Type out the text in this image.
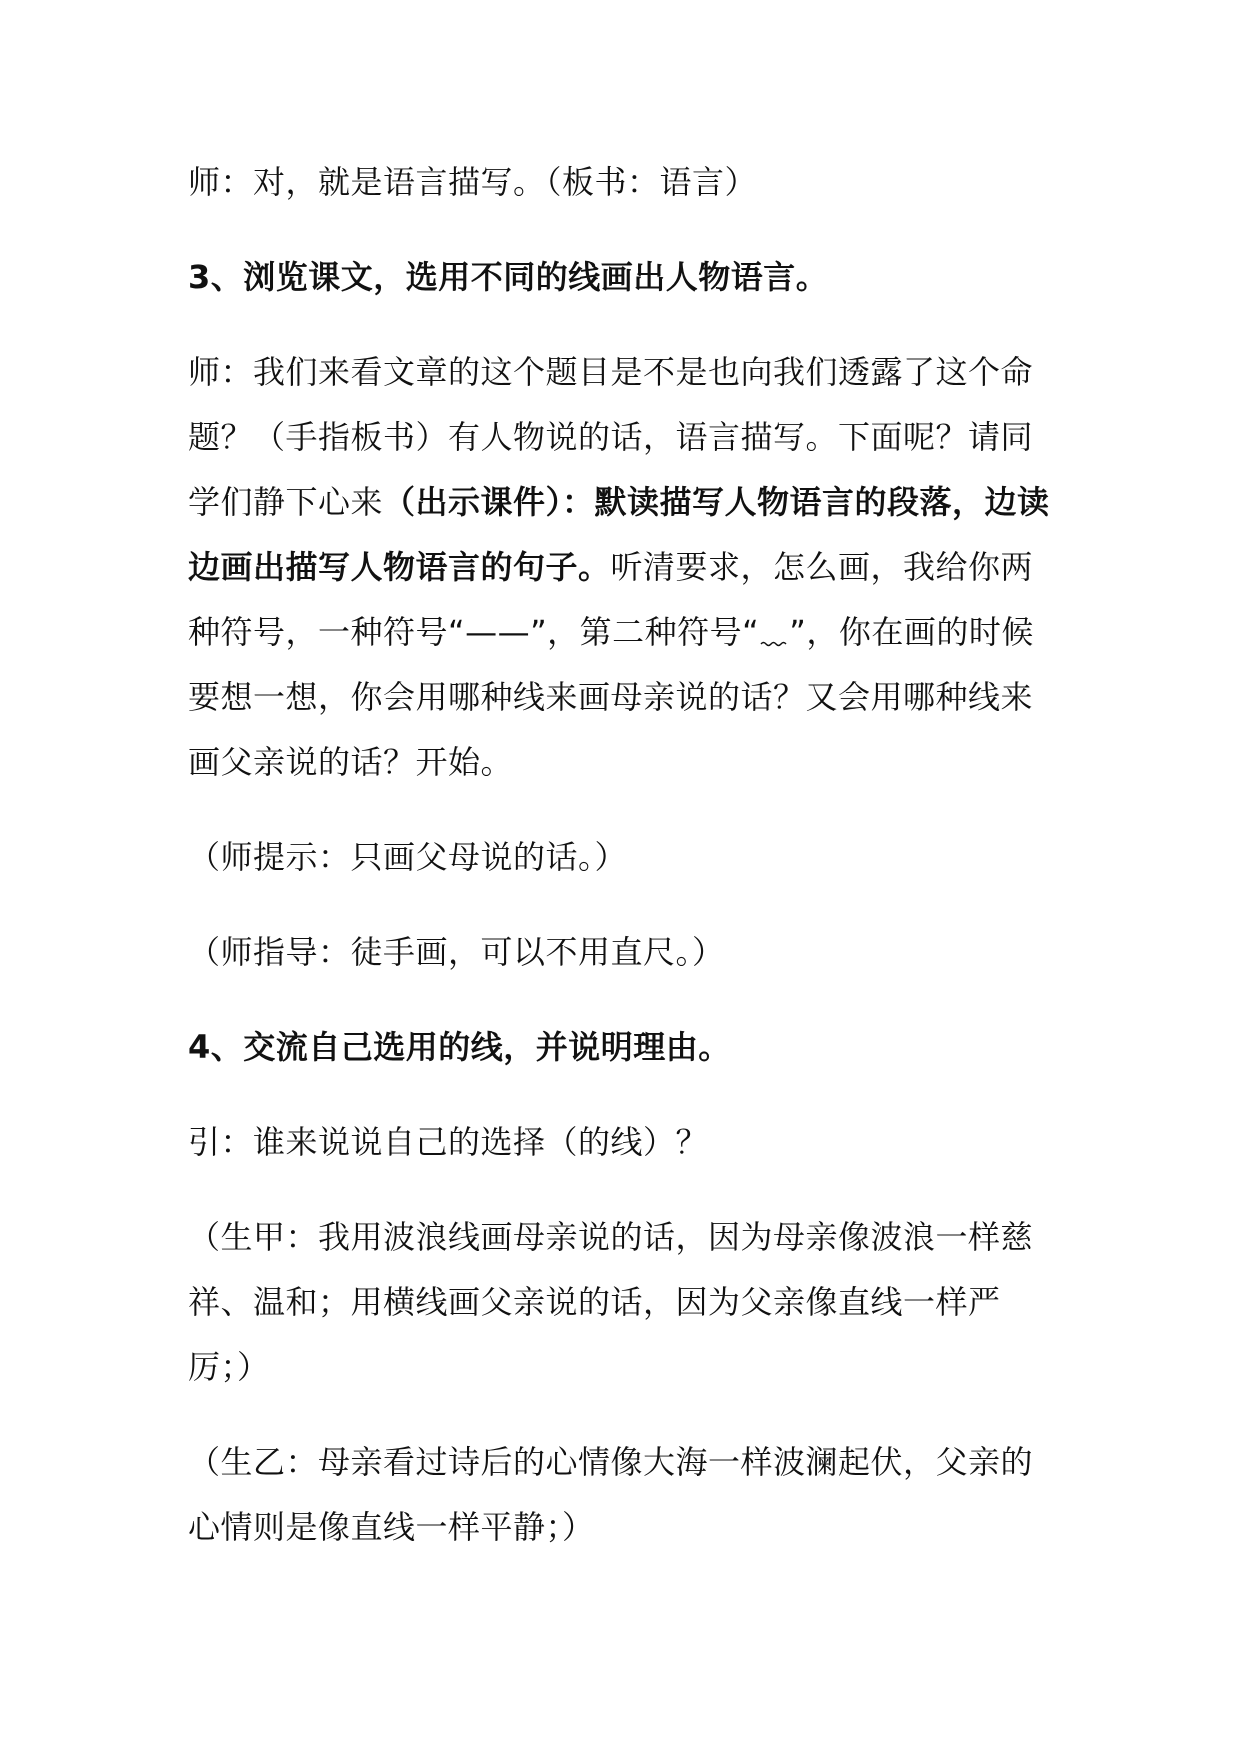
师：对，就是语言描写。（板书：语言）

3、浏览课文，选用不同的线画出人物语言。

师：我们来看文章的这个题目是不是也向我们透露了这个命题？（手指板书）有人物说的话，语言描写。下面呢？请同学们静下心来（出示课件）：默读描写人物语言的段落，边读边画出描写人物语言的句子。听清要求，怎么画，我给你两种符号，一种符号“——”，第二种符号“ ”，你在画的时候要想一想，你会用哪种线来画母亲说的话？又会用哪种线来画父亲说的话？开始。

（师提示：只画父母说的话。）

（师指导：徒手画，可以不用直尺。）

4、交流自己选用的线，并说明理由。

引：谁来说说自己的选择（的线）？

（生甲：我用波浪线画母亲说的话，因为母亲像波浪一样慈祥、温和；用横线画父亲说的话，因为父亲像直线一样严厉；）

（生乙：母亲看过诗后的心情像大海一样波澜起伏，父亲的心情则是像直线一样平静；）
